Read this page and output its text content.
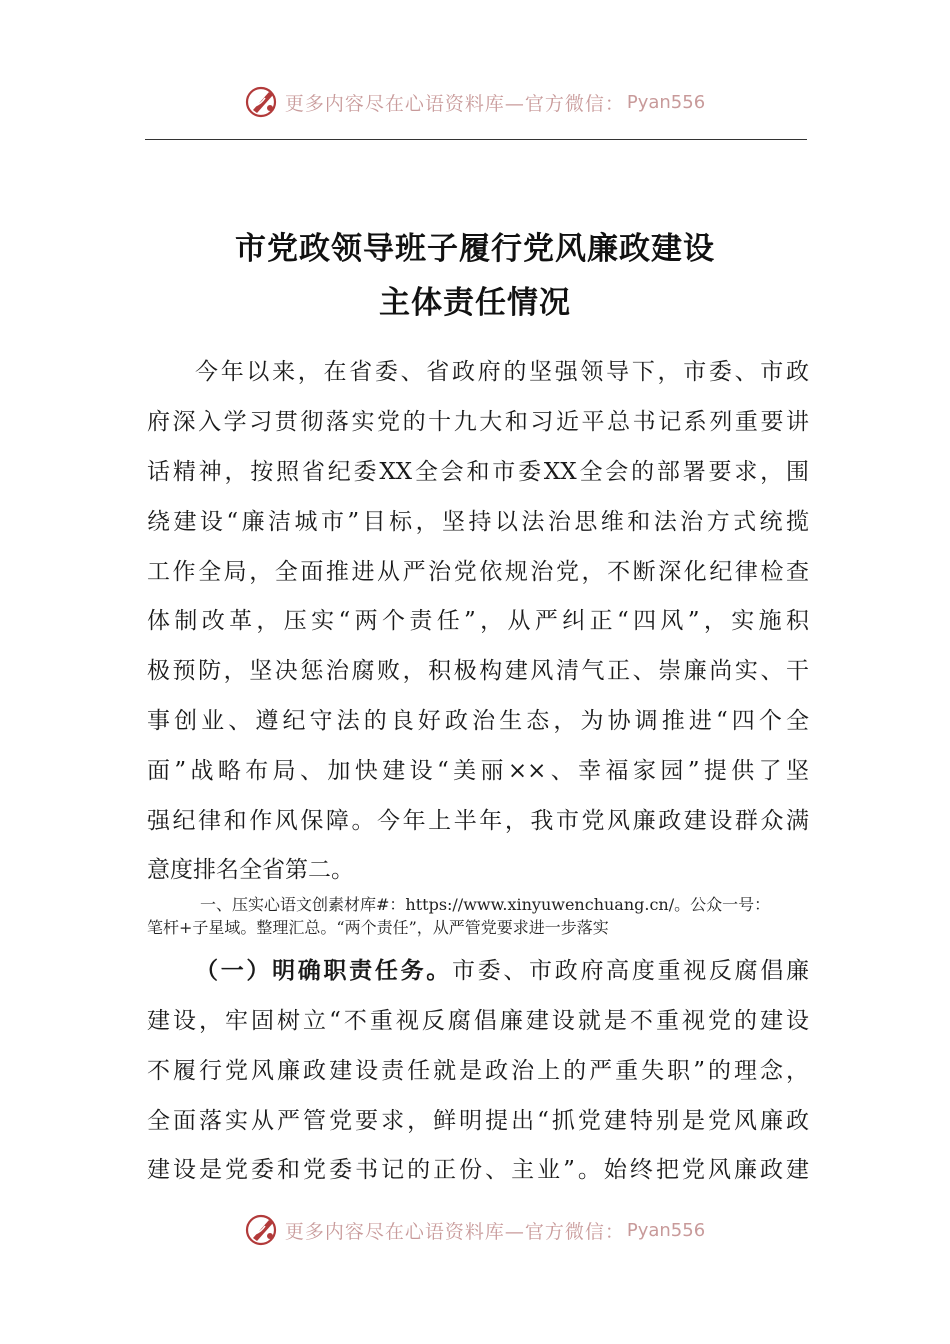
更多内容尽在心语资料库—官方微信： Pyan556
市党政领导班子履行党风廉政建设
主体责任情况
今年以来，在省委、省政府的坚强领导下，市委、市政
府深入学习贯彻落实党的十九大和习近平总书记系列重要讲
话精神，按照省纪委XX全会和市委XX全会的部署要求，围
绕建设“廉洁城市”目标，坚持以法治思维和法治方式统揽
工作全局，全面推进从严治党依规治党，不断深化纪律检查
体制改革，压实“两个责任”，从严纠正“四风”，实施积
极预防，坚决惩治腐败，积极构建风清气正、崇廉尚实、干
事创业、遵纪守法的良好政治生态，为协调推进“四个全
面”战略布局、加快建设“美丽××、幸福家园”提供了坚
强纪律和作风保障。今年上半年，我市党风廉政建设群众满
意度排名全省第二。
一、压实心语文创素材库#：https://www.xinyuwenchuang.cn/。公众一号：
笔杆+子星域。整理汇总。“两个责任”，从严管党要求进一步落实
（一）明确职责任务。市委、市政府高度重视反腐倡廉
建设，牢固树立“不重视反腐倡廉建设就是不重视党的建设
不履行党风廉政建设责任就是政治上的严重失职”的理念，
全面落实从严管党要求，鲜明提出“抓党建特别是党风廉政
建设是党委和党委书记的正份、主业”。始终把党风廉政建
更多内容尽在心语资料库—官方微信： Pyan556
